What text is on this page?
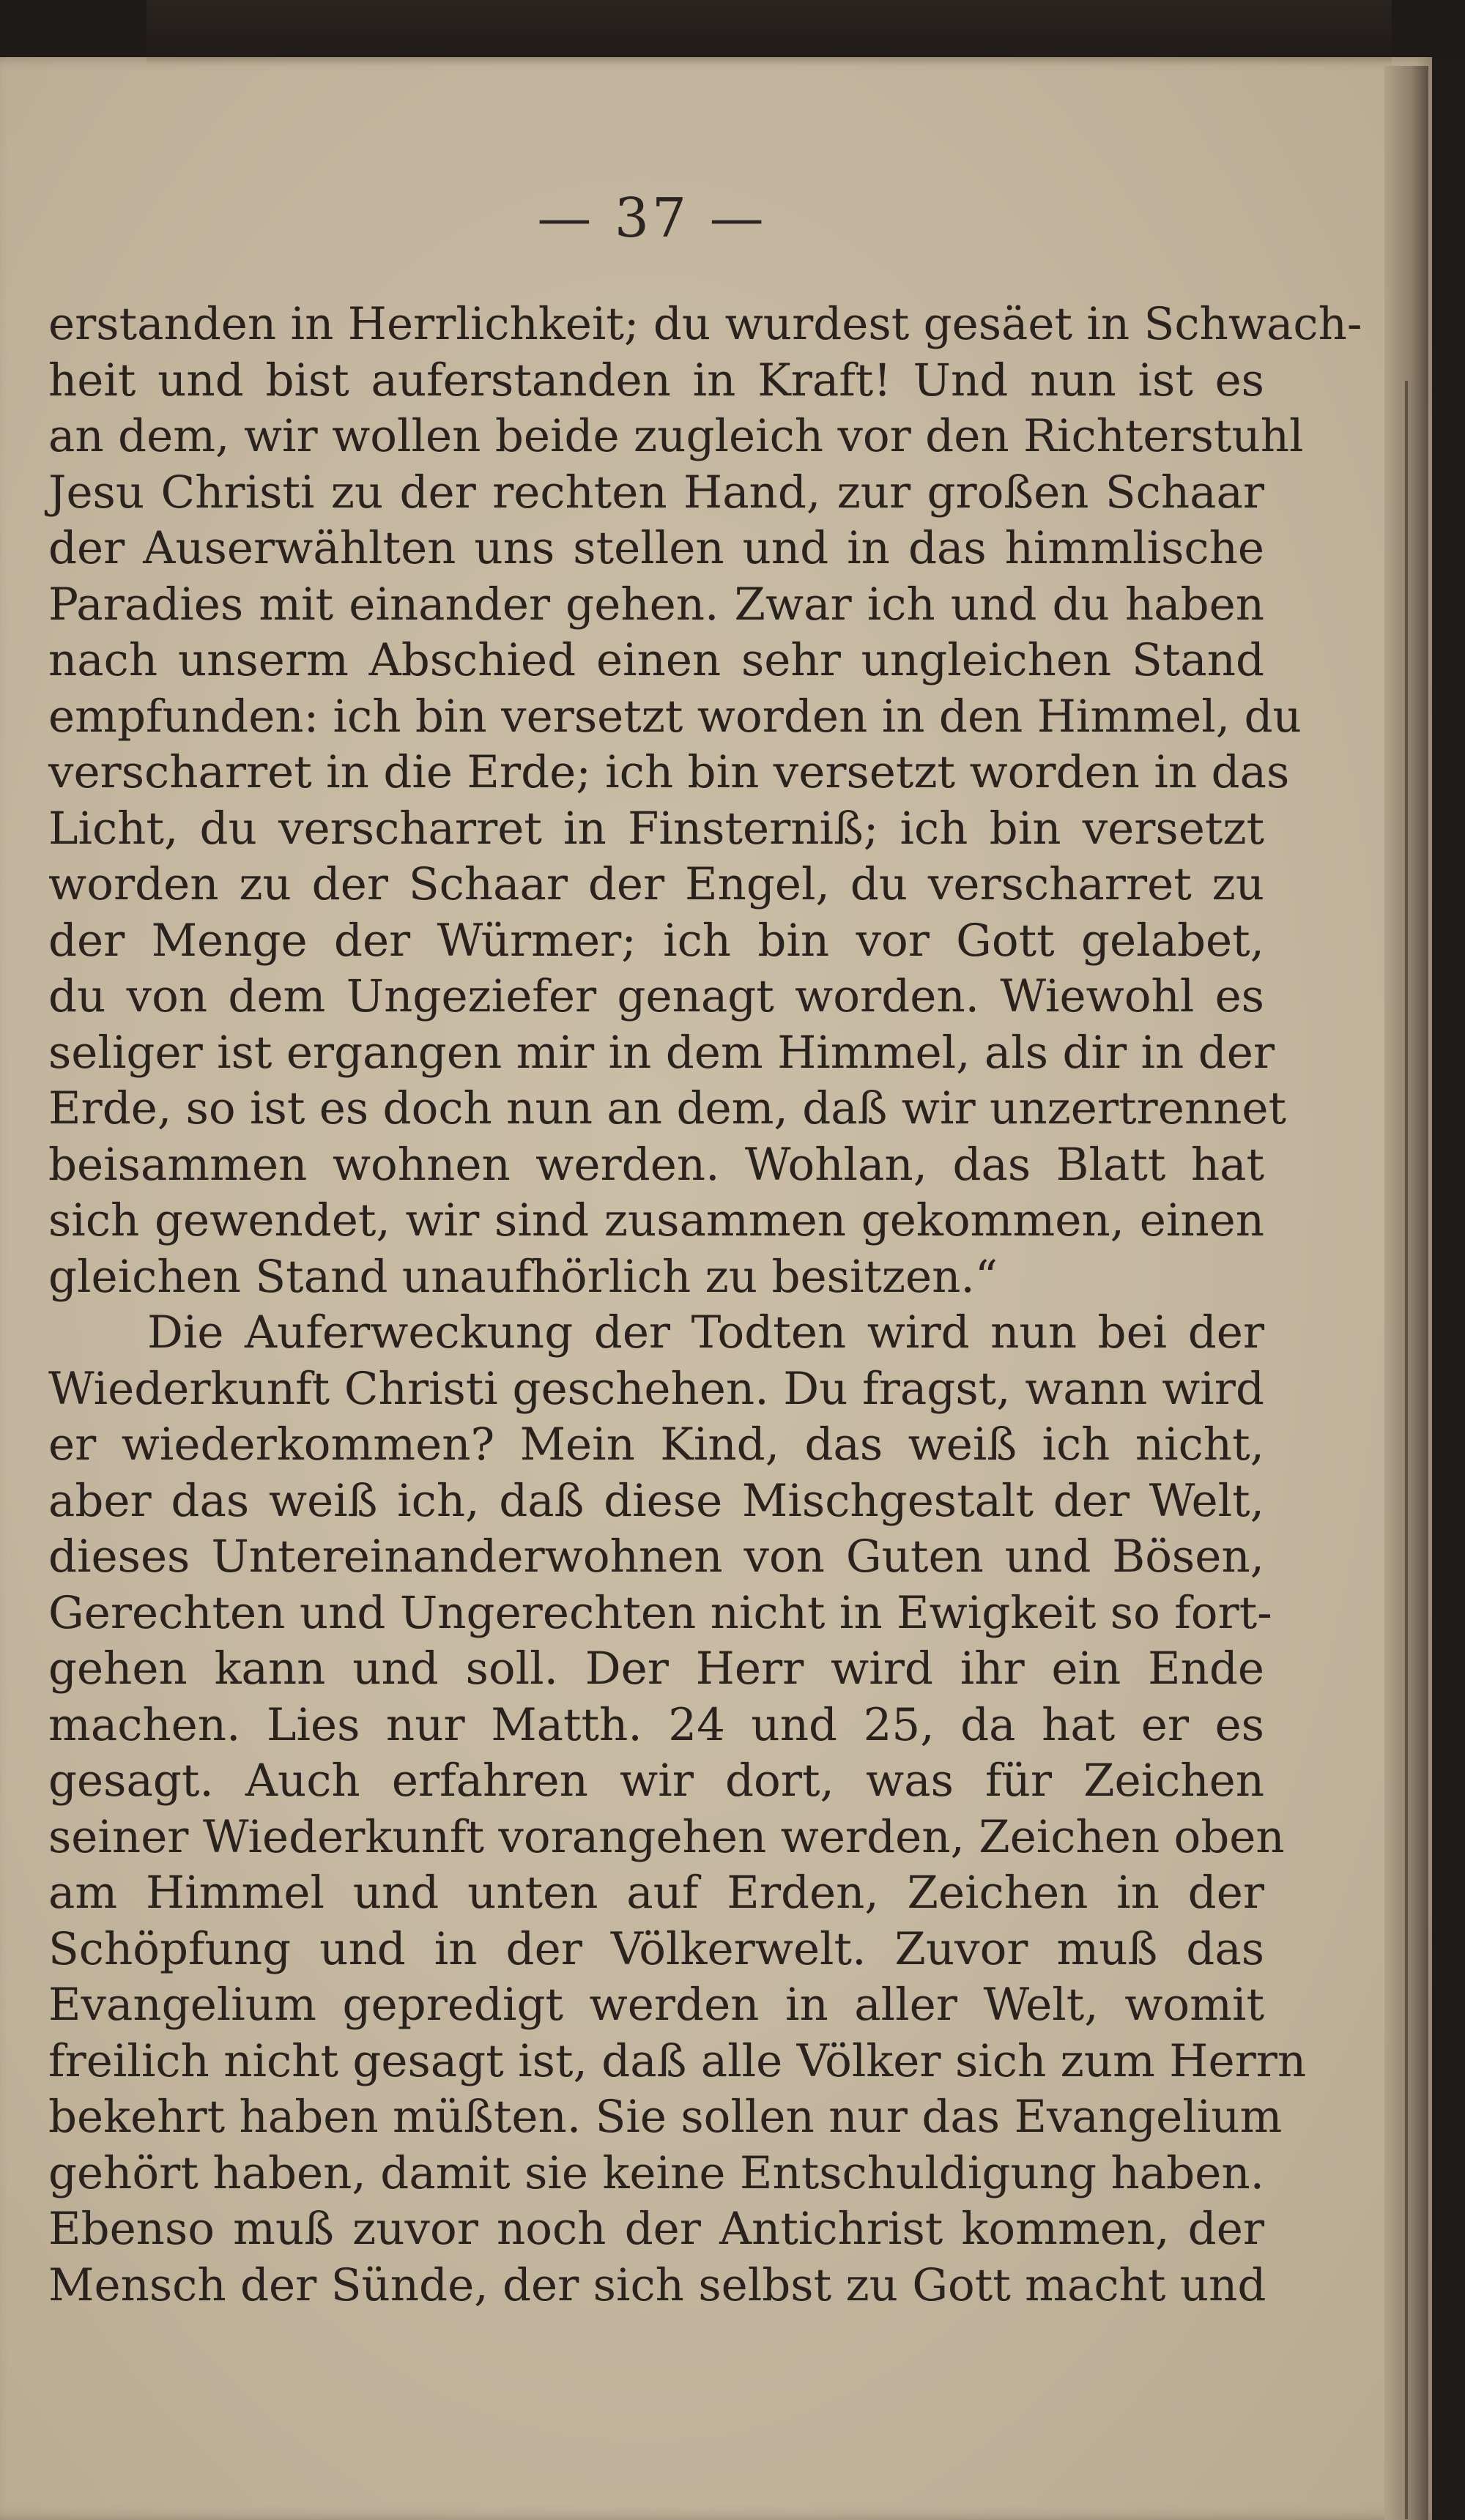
— 37 —
erstanden in Herrlichkeit; du wurdest gesäet in Schwach-
heit und bist auferstanden in Kraft! Und nun ist es
an dem, wir wollen beide zugleich vor den Richterstuhl
Jesu Christi zu der rechten Hand, zur großen Schaar
der Auserwählten uns stellen und in das himmlische
Paradies mit einander gehen. Zwar ich und du haben
nach unserm Abschied einen sehr ungleichen Stand
empfunden: ich bin versetzt worden in den Himmel, du
verscharret in die Erde; ich bin versetzt worden in das
Licht, du verscharret in Finsterniß; ich bin versetzt
worden zu der Schaar der Engel, du verscharret zu
der Menge der Würmer; ich bin vor Gott gelabet,
du von dem Ungeziefer genagt worden. Wiewohl es
seliger ist ergangen mir in dem Himmel, als dir in der
Erde, so ist es doch nun an dem, daß wir unzertrennet
beisammen wohnen werden. Wohlan, das Blatt hat
sich gewendet, wir sind zusammen gekommen, einen
gleichen Stand unaufhörlich zu besitzen.“
Die Auferweckung der Todten wird nun bei der
Wiederkunft Christi geschehen. Du fragst, wann wird
er wiederkommen? Mein Kind, das weiß ich nicht,
aber das weiß ich, daß diese Mischgestalt der Welt,
dieses Untereinanderwohnen von Guten und Bösen,
Gerechten und Ungerechten nicht in Ewigkeit so fort-
gehen kann und soll. Der Herr wird ihr ein Ende
machen. Lies nur Matth. 24 und 25, da hat er es
gesagt. Auch erfahren wir dort, was für Zeichen
seiner Wiederkunft vorangehen werden, Zeichen oben
am Himmel und unten auf Erden, Zeichen in der
Schöpfung und in der Völkerwelt. Zuvor muß das
Evangelium gepredigt werden in aller Welt, womit
freilich nicht gesagt ist, daß alle Völker sich zum Herrn
bekehrt haben müßten. Sie sollen nur das Evangelium
gehört haben, damit sie keine Entschuldigung haben.
Ebenso muß zuvor noch der Antichrist kommen, der
Mensch der Sünde, der sich selbst zu Gott macht und
